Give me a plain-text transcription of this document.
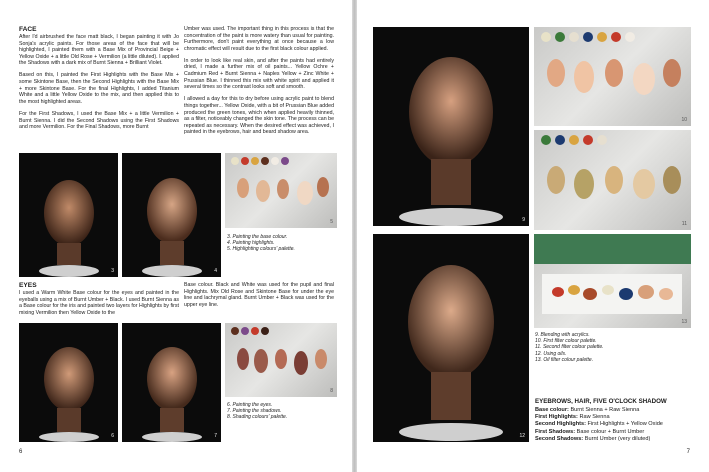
FACE

After I'd airbrushed the face matt black, I began painting it with Jo Sonja's acrylic paints. For those areas of the face that will be highlighted, I painted them with a Base Mix of Provincial Beige + Yellow Oxide + a little Old Rose + Vermilion (a little diluted). I applied the Shadows with a dark mix of Burnt Sienna + Brilliant Violet.

Based on this, I painted the First Highlights with the Base Mix + some Skintone Base, then the Second Highlights with the Base Mix + more Skintone Base. For the final Highlights, I added Titanium White and a little Yellow Oxide to the mix, and then applied this to the most highlighted areas.

For the First Shadows, I used the Base Mix + a little Vermilion + Burnt Sienna. I did the Second Shadows using the First Shadows and more Vermilion. For the Final Shadows, more Burnt

Umber was used. The important thing in this process is that the concentration of the paint is more watery than usual for painting. Furthermore, don't paint everything at once because a low chromatic effect will result due to the first black colour applied.

In order to look like real skin, and after the paints had entirely dried, I made a further mix of oil paints... Yellow Ochre + Cadmium Red + Burnt Sienna + Naples Yellow + Zinc White + Prussian Blue. I thinned this mix with white spirit and applied it several times so the contrast looks soft and smooth.

I allowed a day for this to dry before using acrylic paint to blend things together... Yellow Oxide, with a bit of Prussian Blue added produced the green tones, which when applied heavily thinned, as a filter, noticeably changed the skin tone. The process can be repeated as necessary. When the desired effect was achieved, I painted in the eyebrows, hair and beard shadow area.

3	4
5
3. Painting the base colour.
4. Painting highlights.
5. Highlighting colours' palette.
EYES

I used a Warm White Base colour for the eyes and painted in the eyeballs using a mix of Burnt Umber + Black. I used Burnt Sienna as a Base colour for the iris and painted two layers for Highlights by first mixing Vermilion then Yellow Oxide to the

Base colour. Black and White was used for the pupil and final Highlights. Mix Old Rose and Skintone Base for under the eye line and lachrymal gland. Burnt Umber + Black was used for the upper eye line.

6	7
8
6. Painting the eyes.
7. Painting the shadows.
8. Shading colours' palette.
6
9
10
11
12
13
9. Blending with acrylics.
10. First filter colour palette.
11. Second filter colour palette.
12. Using oils.
13. Oil filter colour palette.
EYEBROWS, HAIR, FIVE O'CLOCK SHADOW
Base colour: Burnt Sienna + Raw Sienna
First Highlights: Raw Sienna
Second Highlights: First Highlights + Yellow Oxide
First Shadows: Base colour + Burnt Umber
Second Shadows: Burnt Umber (very diluted)
7
